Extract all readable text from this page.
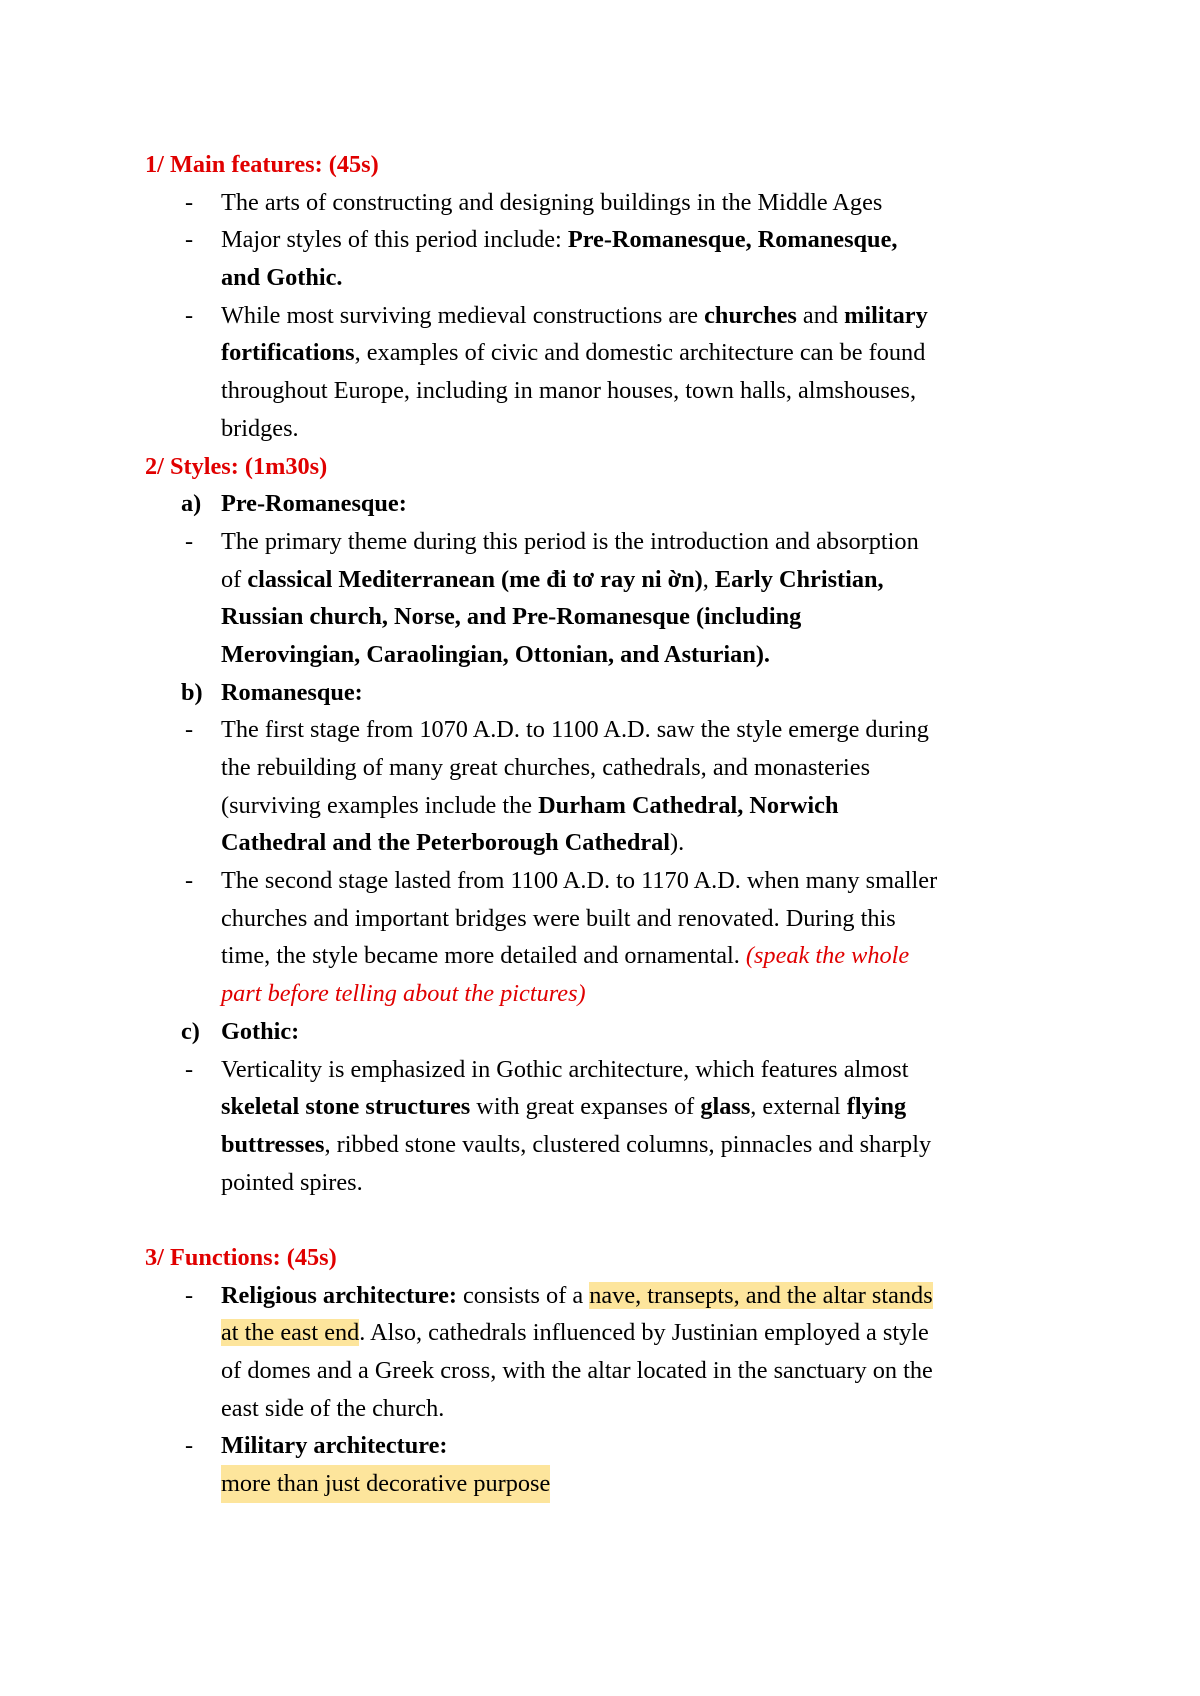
1/ Main features: (45s)
- The arts of constructing and designing buildings in the Middle Ages
- Major styles of this period include: Pre-Romanesque, Romanesque,
and Gothic.
- While most surviving medieval constructions are churches and military
fortifications, examples of civic and domestic architecture can be found
throughout Europe, including in manor houses, town halls, almshouses,
bridges.
2/ Styles: (1m30s)
a) Pre-Romanesque:
- The primary theme during this period is the introduction and absorption
of classical Mediterranean (me đi tơ ray ni ờn), Early Christian,
Russian church, Norse, and Pre-Romanesque (including
Merovingian, Caraolingian, Ottonian, and Asturian).
b) Romanesque:
- The first stage from 1070 A.D. to 1100 A.D. saw the style emerge during
the rebuilding of many great churches, cathedrals, and monasteries
(surviving examples include the Durham Cathedral, Norwich
Cathedral and the Peterborough Cathedral).
- The second stage lasted from 1100 A.D. to 1170 A.D. when many smaller
churches and important bridges were built and renovated. During this
time, the style became more detailed and ornamental. (speak the whole
part before telling about the pictures)
c) Gothic:
- Verticality is emphasized in Gothic architecture, which features almost
skeletal stone structures with great expanses of glass, external flying
buttresses, ribbed stone vaults, clustered columns, pinnacles and sharply
pointed spires.
3/ Functions: (45s)
- Religious architecture: consists of a nave, transepts, and the altar stands
at the east end. Also, cathedrals influenced by Justinian employed a style
of domes and a Greek cross, with the altar located in the sanctuary on the
east side of the church.
- Military architecture:
more than just decorative purpose
